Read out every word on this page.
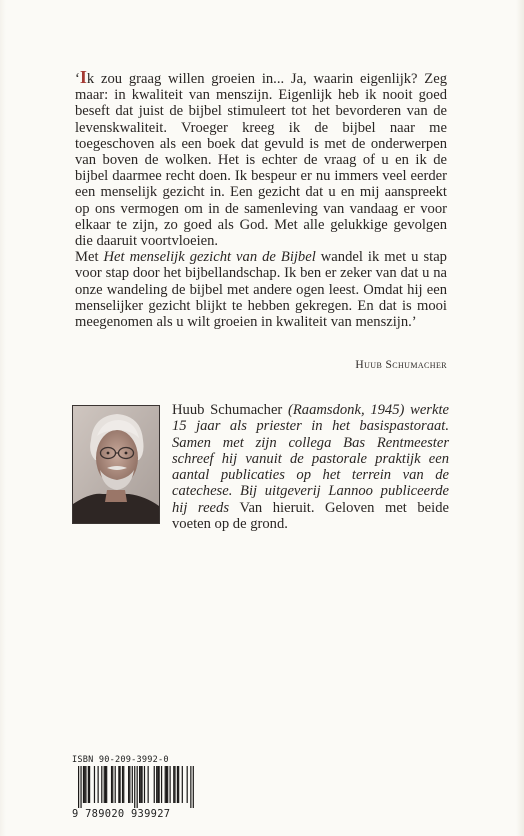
‘Ik zou graag willen groeien in... Ja, waarin eigenlijk? Zeg maar: in kwaliteit van menszijn. Eigenlijk heb ik nooit goed beseft dat juist de bijbel stimuleert tot het bevorderen van de levenskwaliteit. Vroeger kreeg ik de bijbel naar me toegeschoven als een boek dat gevuld is met de onderwerpen van boven de wolken. Het is echter de vraag of u en ik de bijbel daarmee recht doen. Ik bespeur er nu immers veel eerder een menselijk gezicht in. Een gezicht dat u en mij aanspreekt op ons vermogen om in de samenleving van vandaag er voor elkaar te zijn, zo goed als God. Met alle gelukkige gevolgen die daaruit voortvloeien.

Met Het menselijk gezicht van de Bijbel wandel ik met u stap voor stap door het bijbellandschap. Ik ben er zeker van dat u na onze wandeling de bijbel met andere ogen leest. Omdat hij een menselijker gezicht blijkt te hebben gekregen. En dat is mooi meegenomen als u wilt groeien in kwaliteit van menszijn.’

Huub Schumacher

Huub Schumacher (Raamsdonk, 1945) werkte 15 jaar als priester in het basispastoraat. Samen met zijn collega Bas Rentmeester schreef hij vanuit de pastorale praktijk een aantal publicaties op het terrein van de catechese. Bij uitgeverij Lannoo publiceerde hij reeds Van hieruit. Geloven met beide voeten op de grond.

ISBN 90-209-3992-0
9 789020 939927
